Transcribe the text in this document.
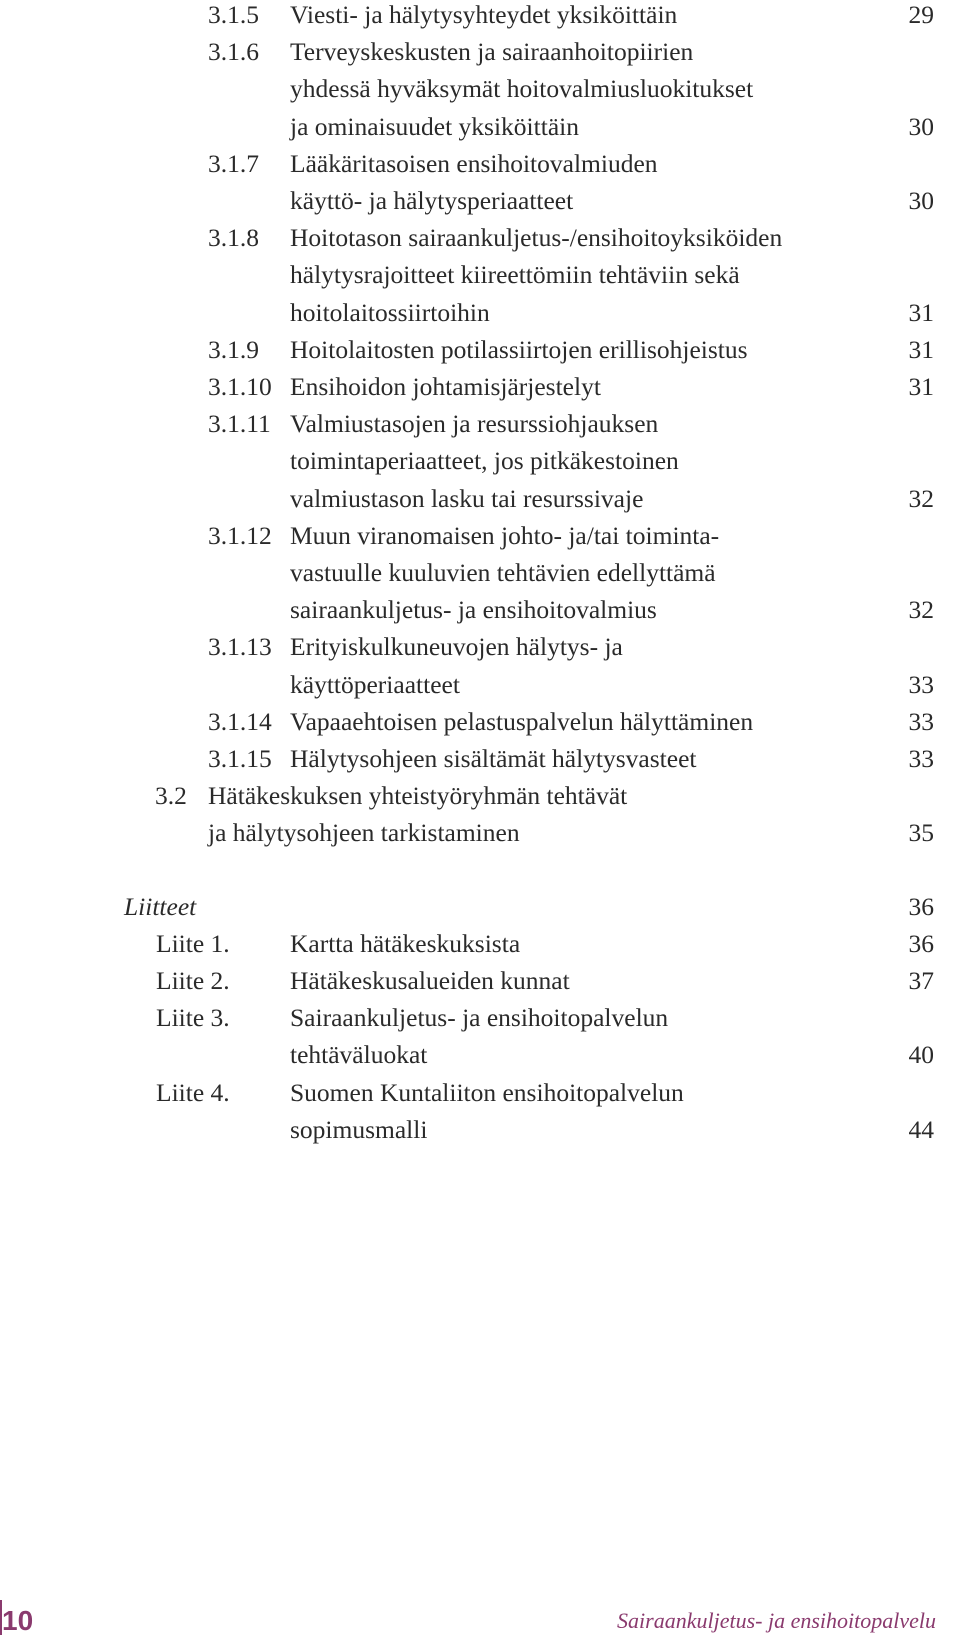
3.1.5 Viesti- ja hälytysyhteydet yksiköittäin	29
3.1.6 Terveyskeskusten ja sairaanhoitopiirien
yhdessä hyväksymät hoitovalmiusluokitukset
ja ominaisuudet yksiköittäin	30
3.1.7 Lääkäritasoisen ensihoitovalmiuden
käyttö- ja hälytysperiaatteet	30
3.1.8 Hoitotason sairaankuljetus-/ensihoitoyksiköiden
hälytysrajoitteet kiireettömiin tehtäviin sekä
hoitolaitossiirtoihin	31
3.1.9 Hoitolaitosten potilassiirtojen erillisohjeistus	31
3.1.10 Ensihoidon johtamisjärjestelyt	31
3.1.11 Valmiustasojen ja resurssiohjauksen
toimintaperiaatteet, jos pitkäkestoinen
valmiustason lasku tai resurssivaje	32
3.1.12 Muun viranomaisen johto- ja/tai toiminta-
vastuulle kuuluvien tehtävien edellyttämä
sairaankuljetus- ja ensihoitovalmius	32
3.1.13 Erityiskulkuneuvojen hälytys- ja
käyttöperiaatteet	33
3.1.14 Vapaaehtoisen pelastuspalvelun hälyttäminen	33
3.1.15 Hälytysohjeen sisältämät hälytysvasteet	33
3.2 Hätäkeskuksen yhteistyöryhmän tehtävät
ja hälytysohjeen tarkistaminen	35
Liitteet	36
Liite 1. Kartta hätäkeskuksista	36
Liite 2. Hätäkeskusalueiden kunnat	37
Liite 3. Sairaankuljetus- ja ensihoitopalvelun
tehtäväluokat	40
Liite 4. Suomen Kuntaliiton ensihoitopalvelun
sopimusmalli	44
10	Sairaankuljetus- ja ensihoitopalvelu
